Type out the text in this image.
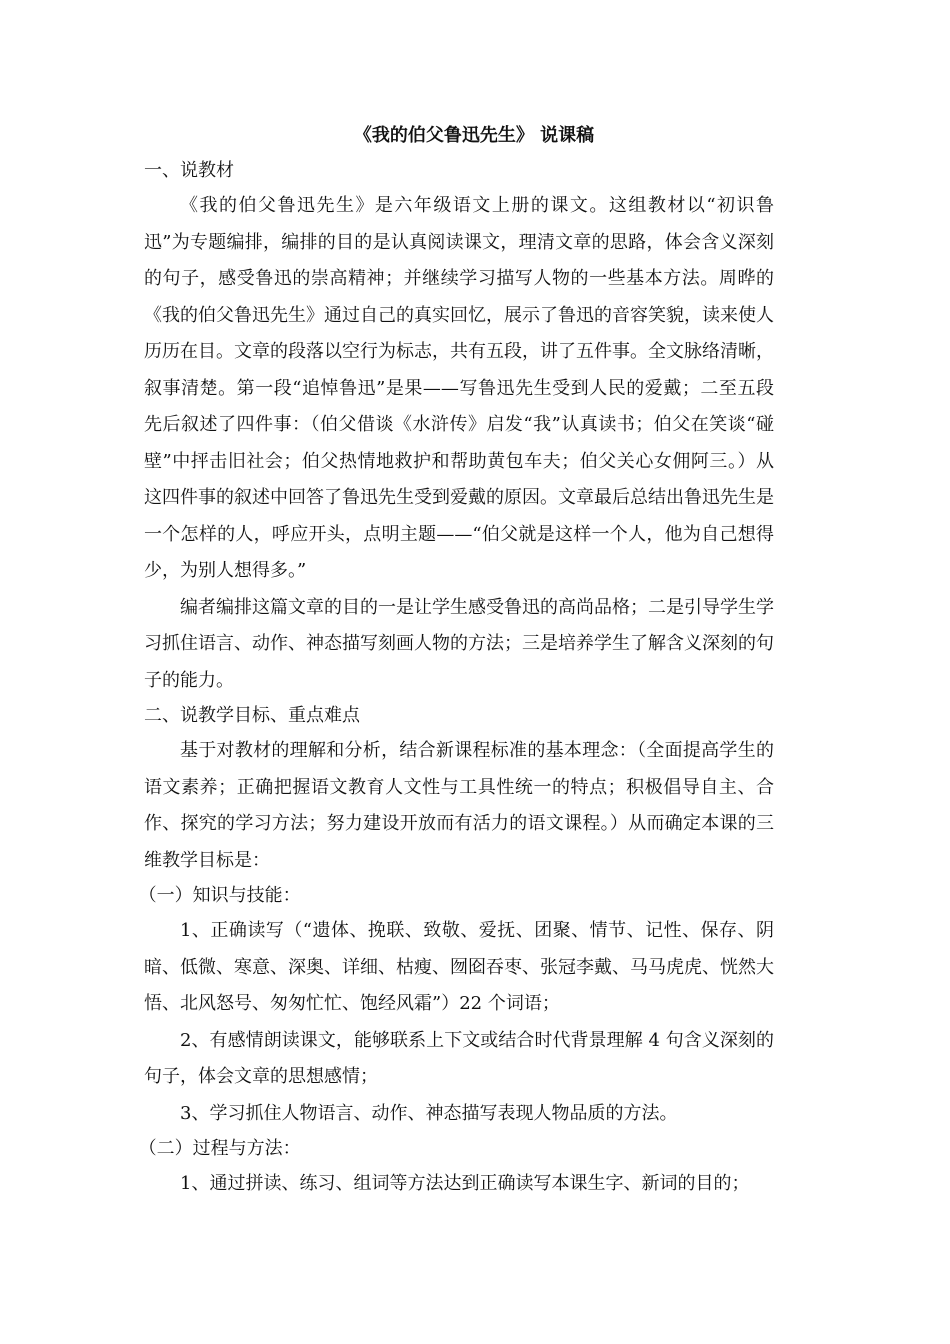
《我的伯父鲁迅先生》 说课稿

一、说教材

《我的伯父鲁迅先生》是六年级语文上册的课文。这组教材以“初识鲁迅”为专题编排，编排的目的是认真阅读课文，理清文章的思路，体会含义深刻的句子，感受鲁迅的崇高精神；并继续学习描写人物的一些基本方法。周晔的《我的伯父鲁迅先生》通过自己的真实回忆，展示了鲁迅的音容笑貌，读来使人历历在目。文章的段落以空行为标志，共有五段，讲了五件事。全文脉络清晰，叙事清楚。第一段“追悼鲁迅”是果——写鲁迅先生受到人民的爱戴；二至五段先后叙述了四件事：（伯父借谈《水浒传》启发“我”认真读书；伯父在笑谈“碰壁”中抨击旧社会；伯父热情地救护和帮助黄包车夫；伯父关心女佣阿三。）从这四件事的叙述中回答了鲁迅先生受到爱戴的原因。文章最后总结出鲁迅先生是一个怎样的人，呼应开头，点明主题——“伯父就是这样一个人，他为自己想得少，为别人想得多。”

编者编排这篇文章的目的一是让学生感受鲁迅的高尚品格；二是引导学生学习抓住语言、动作、神态描写刻画人物的方法；三是培养学生了解含义深刻的句子的能力。

二、说教学目标、重点难点

基于对教材的理解和分析，结合新课程标准的基本理念：（全面提高学生的语文素养；正确把握语文教育人文性与工具性统一的特点；积极倡导自主、合作、探究的学习方法；努力建设开放而有活力的语文课程。）从而确定本课的三维教学目标是：

（一）知识与技能：

1、正确读写（“遗体、挽联、致敬、爱抚、团聚、情节、记性、保存、阴暗、低微、寒意、深奥、详细、枯瘦、囫囵吞枣、张冠李戴、马马虎虎、恍然大悟、北风怒号、匆匆忙忙、饱经风霜”）22 个词语；

2、有感情朗读课文，能够联系上下文或结合时代背景理解 4 句含义深刻的句子，体会文章的思想感情；

3、学习抓住人物语言、动作、神态描写表现人物品质的方法。

（二）过程与方法：

1、通过拼读、练习、组词等方法达到正确读写本课生字、新词的目的；
